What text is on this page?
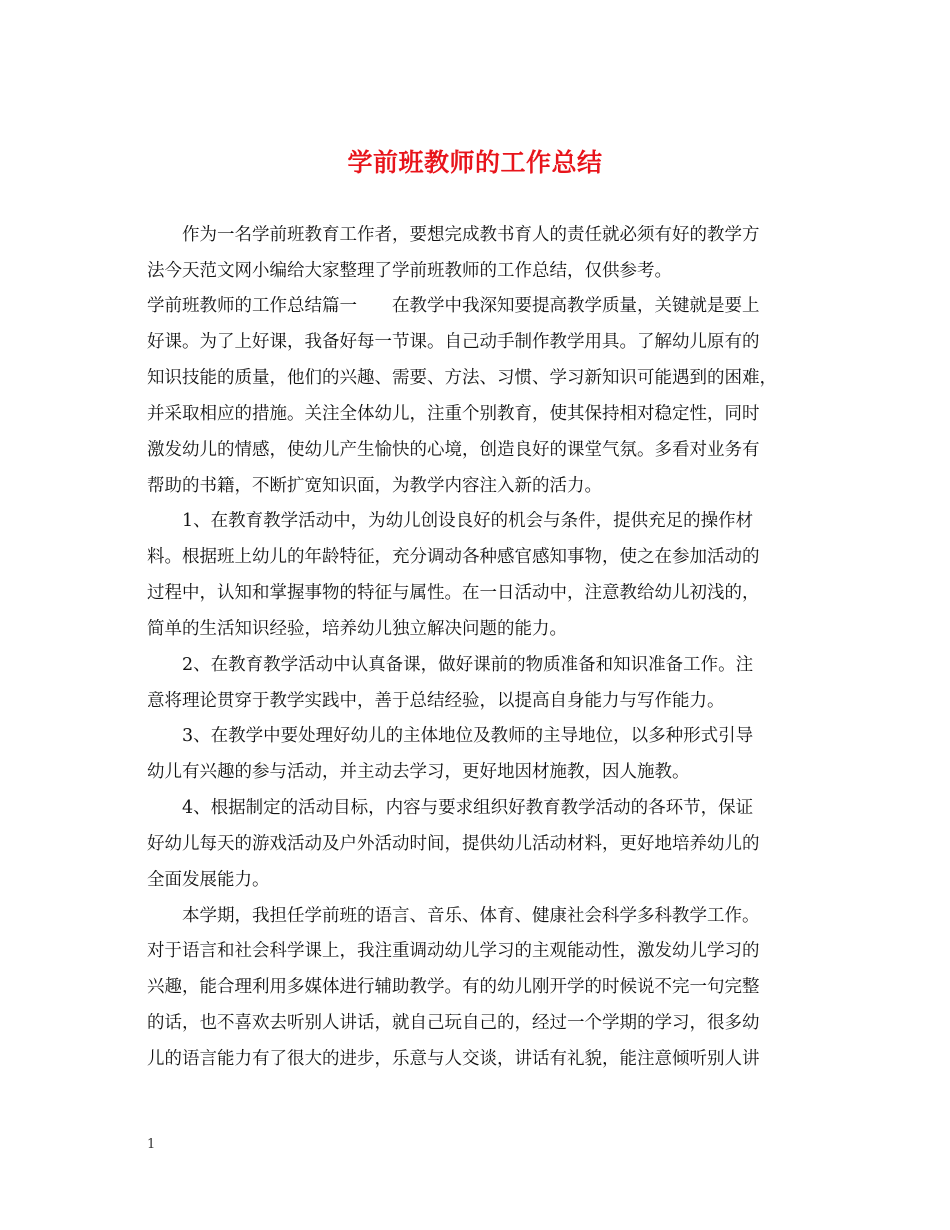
学前班教师的工作总结
　　作为一名学前班教育工作者，要想完成教书育人的责任就必须有好的教学方
法今天范文网小编给大家整理了学前班教师的工作总结，仅供参考。
学前班教师的工作总结篇一　　在教学中我深知要提高教学质量，关键就是要上
好课。为了上好课，我备好每一节课。自己动手制作教学用具。了解幼儿原有的
知识技能的质量，他们的兴趣、需要、方法、习惯、学习新知识可能遇到的困难，
并采取相应的措施。关注全体幼儿，注重个别教育，使其保持相对稳定性，同时
激发幼儿的情感，使幼儿产生愉快的心境，创造良好的课堂气氛。多看对业务有
帮助的书籍，不断扩宽知识面，为教学内容注入新的活力。
　　1、在教育教学活动中，为幼儿创设良好的机会与条件，提供充足的操作材
料。根据班上幼儿的年龄特征，充分调动各种感官感知事物，使之在参加活动的
过程中，认知和掌握事物的特征与属性。在一日活动中，注意教给幼儿初浅的，
简单的生活知识经验，培养幼儿独立解决问题的能力。
　　2、在教育教学活动中认真备课，做好课前的物质准备和知识准备工作。注
意将理论贯穿于教学实践中，善于总结经验，以提高自身能力与写作能力。
　　3、在教学中要处理好幼儿的主体地位及教师的主导地位，以多种形式引导
幼儿有兴趣的参与活动，并主动去学习，更好地因材施教，因人施教。
　　4、根据制定的活动目标，内容与要求组织好教育教学活动的各环节，保证
好幼儿每天的游戏活动及户外活动时间，提供幼儿活动材料，更好地培养幼儿的
全面发展能力。
　　本学期，我担任学前班的语言、音乐、体育、健康社会科学多科教学工作。
对于语言和社会科学课上，我注重调动幼儿学习的主观能动性，激发幼儿学习的
兴趣，能合理利用多媒体进行辅助教学。有的幼儿刚开学的时候说不完一句完整
的话，也不喜欢去听别人讲话，就自己玩自己的，经过一个学期的学习，很多幼
儿的语言能力有了很大的进步，乐意与人交谈，讲话有礼貌，能注意倾听别人讲
1
